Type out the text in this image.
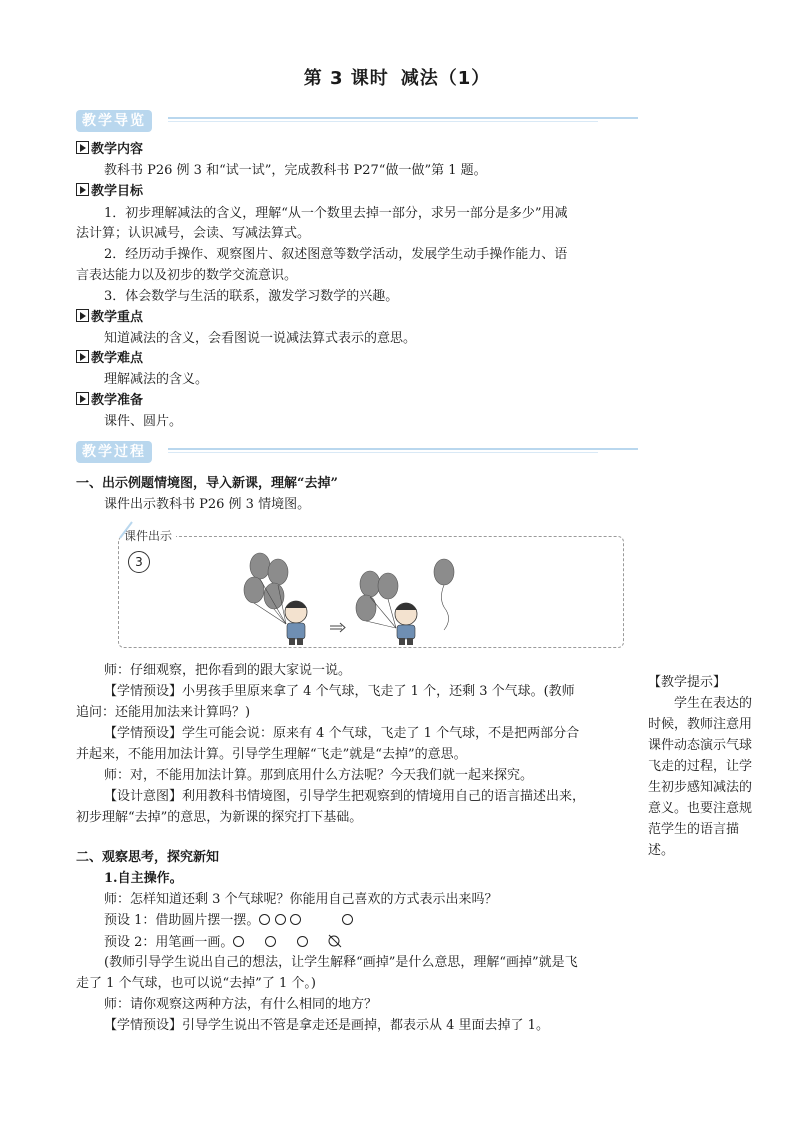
第 3 课时 减法（1）
教学导览
教学内容
教科书 P26 例 3 和“试一试”，完成教科书 P27“做一做”第 1 题。
教学目标
1．初步理解减法的含义，理解“从一个数里去掉一部分，求另一部分是多少”用减
法计算；认识减号，会读、写减法算式。
2．经历动手操作、观察图片、叙述图意等数学活动，发展学生动手操作能力、语
言表达能力以及初步的数学交流意识。
3．体会数学与生活的联系，激发学习数学的兴趣。
教学重点
知道减法的含义，会看图说一说减法算式表示的意思。
教学难点
理解减法的含义。
教学准备
课件、圆片。
教学过程
一、出示例题情境图，导入新课，理解“去掉”
课件出示教科书 P26 例 3 情境图。
课件出示
3
师：仔细观察，把你看到的跟大家说一说。
【学情预设】小男孩手里原来拿了 4 个气球，飞走了 1 个，还剩 3 个气球。(教师
追问：还能用加法来计算吗？)
【学情预设】学生可能会说：原来有 4 个气球，飞走了 1 个气球，不是把两部分合
并起来，不能用加法计算。引导学生理解“飞走”就是“去掉”的意思。
师：对，不能用加法计算。那到底用什么方法呢？今天我们就一起来探究。
【设计意图】利用教科书情境图，引导学生把观察到的情境用自己的语言描述出来，
初步理解“去掉”的意思，为新课的探究打下基础。
【教学提示】
学生在表达的时候，教师注意用课件动态演示气球飞走的过程，让学生初步感知减法的意义。也要注意规范学生的语言描述。
二、观察思考，探究新知
1.自主操作。
师：怎样知道还剩 3 个气球呢？你能用自己喜欢的方式表示出来吗？
预设 1：借助圆片摆一摆。
预设 2：用笔画一画。
(教师引导学生说出自己的想法，让学生解释“画掉”是什么意思，理解“画掉”就是飞
走了 1 个气球，也可以说“去掉”了 1 个。)
师：请你观察这两种方法，有什么相同的地方？
【学情预设】引导学生说出不管是拿走还是画掉，都表示从 4 里面去掉了 1。
